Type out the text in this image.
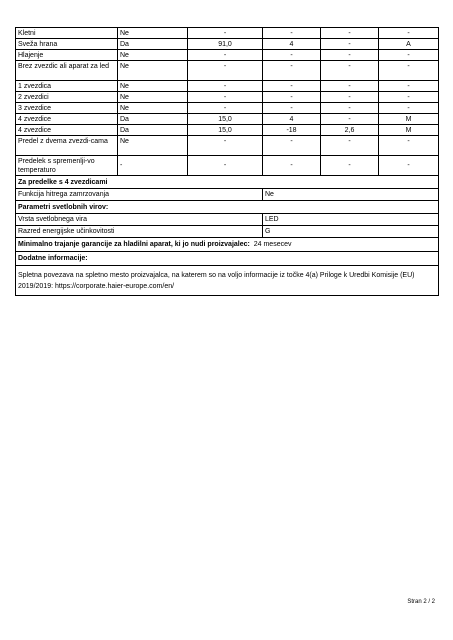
Kletni	Ne	-	-	-	-
Sveža hrana	Da	91,0	4	-	A
Hlajenje	Ne	-	-	-	-
Brez zvezdic ali aparat za led	Ne	-	-	-	-
1 zvezdica	Ne	-	-	-	-
2 zvezdici	Ne	-	-	-	-
3 zvezdice	Ne	-	-	-	-
4 zvezdice	Da	15,0	4	-	M
4 zvezdice	Da	15,0	-18	2,6	M
Predel z dvema zvezdi-cama	Ne	-	-	-	-
Predelek s spremenlji-vo temperaturo	-	-	-	-	-
Za predelke s 4 zvezdicami					
Funkcija hitrega zamrzovanja			Ne		
Parametri svetlobnih virov:					
Vrsta svetlobnega vira			LED		
Razred energijske učinkovitosti			G		
Minimalno trajanje garancije za hladilni aparat, ki jo nudi proizvajalec: 24 mesecev					
Dodatne informacije:					
Spletna povezava na spletno mesto proizvajalca, na katerem so na voljo informacije iz točke 4(a) Priloge k Uredbi Komisije (EU) 2019/2019: https://corporate.haier-europe.com/en/					
Stran 2 / 2
